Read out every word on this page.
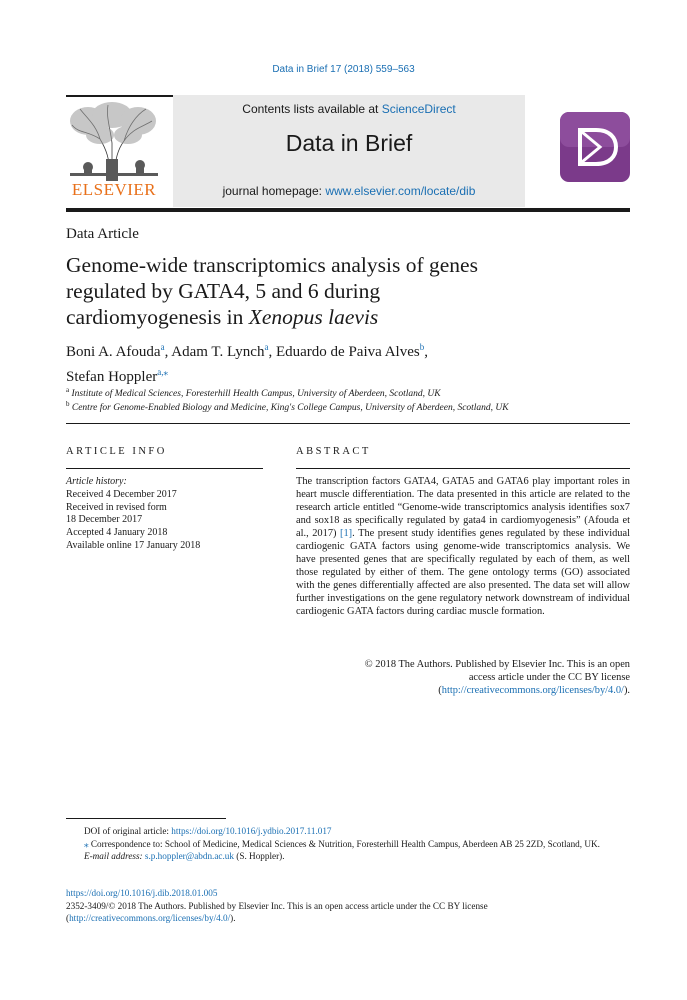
Data in Brief 17 (2018) 559–563
Contents lists available at ScienceDirect
Data in Brief
journal homepage: www.elsevier.com/locate/dib
ELSEVIER
Data Article
Genome-wide transcriptomics analysis of genes
regulated by GATA4, 5 and 6 during
cardiomyogenesis in Xenopus laevis
Boni A. Afouda$^a$, Adam T. Lynch$^a$, Eduardo de Paiva Alves$^b$,
Stefan Hoppler$^{a,⁎}$
$^a$ Institute of Medical Sciences, Foresterhill Health Campus, University of Aberdeen, Scotland, UK
$^b$ Centre for Genome-Enabled Biology and Medicine, King's College Campus, University of Aberdeen, Scotland, UK
ARTICLE INFO
Article history:
Received 4 December 2017
Received in revised form
18 December 2017
Accepted 4 January 2018
Available online 17 January 2018
ABSTRACT
The transcription factors GATA4, GATA5 and GATA6 play important roles in heart muscle differentiation. The data presented in this article are related to the research article entitled “Genome-wide transcriptomics analysis identifies sox7 and sox18 as specifically regulated by gata4 in cardiomyogenesis” (Afouda et al., 2017) [1]. The present study identifies genes regulated by these individual cardiogenic GATA factors using genome-wide transcriptomics analysis. We have presented genes that are specifically regulated by each of them, as well those regulated by either of them. The gene ontology terms (GO) associated with the genes differentially affected are also presented. The data set will allow further investigations on the gene regulatory network downstream of individual cardiogenic GATA factors during cardiac muscle formation.
© 2018 The Authors. Published by Elsevier Inc. This is an open
access article under the CC BY license
(http://creativecommons.org/licenses/by/4.0/).
DOI of original article: https://doi.org/10.1016/j.ydbio.2017.11.017
⁎ Correspondence to: School of Medicine, Medical Sciences & Nutrition, Foresterhill Health Campus, Aberdeen AB 25 2ZD, Scotland, UK.
E-mail address: s.p.hoppler@abdn.ac.uk (S. Hoppler).
https://doi.org/10.1016/j.dib.2018.01.005
2352-3409/© 2018 The Authors. Published by Elsevier Inc. This is an open access article under the CC BY license
(http://creativecommons.org/licenses/by/4.0/).
